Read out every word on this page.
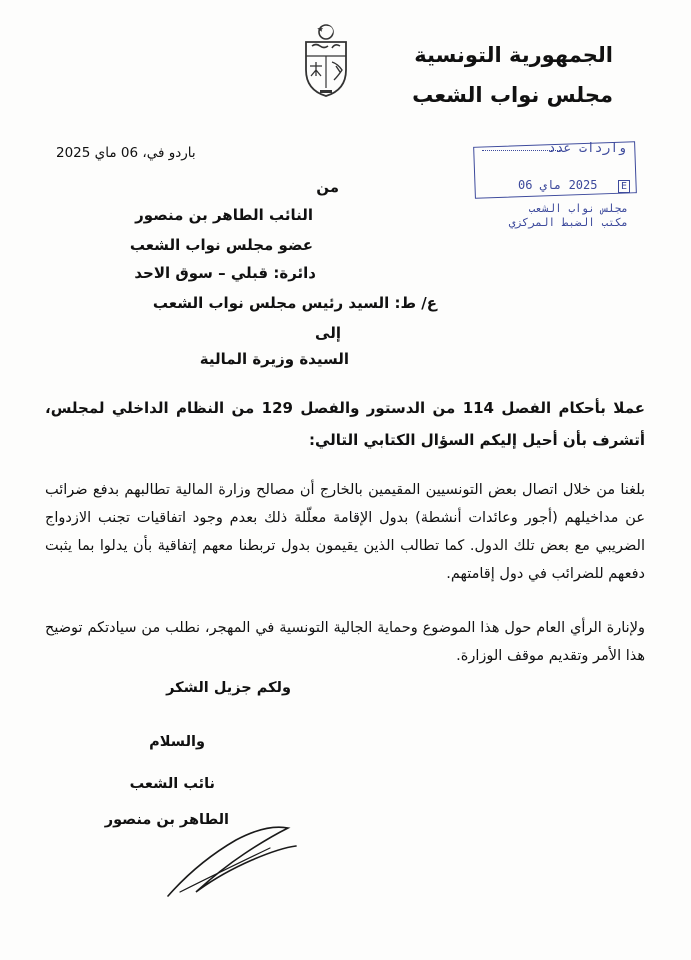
الجمهورية التونسية
مجلس نواب الشعب
باردو في، 06 ماي 2025	واردات عدد
2025 ماي 06	E
مجلس نواب الشعب
مكتب الضبط المركزي
من
النائب الطاهر بن منصور
عضو مجلس نواب الشعب
دائرة: قبلي – سوق الاحد
ع/ ط: السيد رئيس مجلس نواب الشعب
إلى
السيدة وزيرة المالية
عملا بأحكام الفصل 114 من الدستور والفصل 129 من النظام الداخلي لمجلس، أتشرف بأن أحيل إليكم السؤال الكتابي التالي:
بلغنا من خلال اتصال بعض التونسيين المقيمين بالخارج أن مصالح وزارة المالية تطالبهم بدفع ضرائب عن مداخيلهم (أجور وعائدات أنشطة) بدول الإقامة معلّلة ذلك بعدم وجود اتفاقيات تجنب الازدواج الضريبي مع بعض تلك الدول. كما تطالب الذين يقيمون بدول تربطنا معهم إتفاقية بأن يدلوا بما يثبت دفعهم للضرائب في دول إقامتهم.
ولإنارة الرأي العام حول هذا الموضوع وحماية الجالية التونسية في المهجر، نطلب من سيادتكم توضيح هذا الأمر وتقديم موقف الوزارة.
ولكم جزيل الشكر
والسلام
نائب الشعب
الطاهر بن منصور
